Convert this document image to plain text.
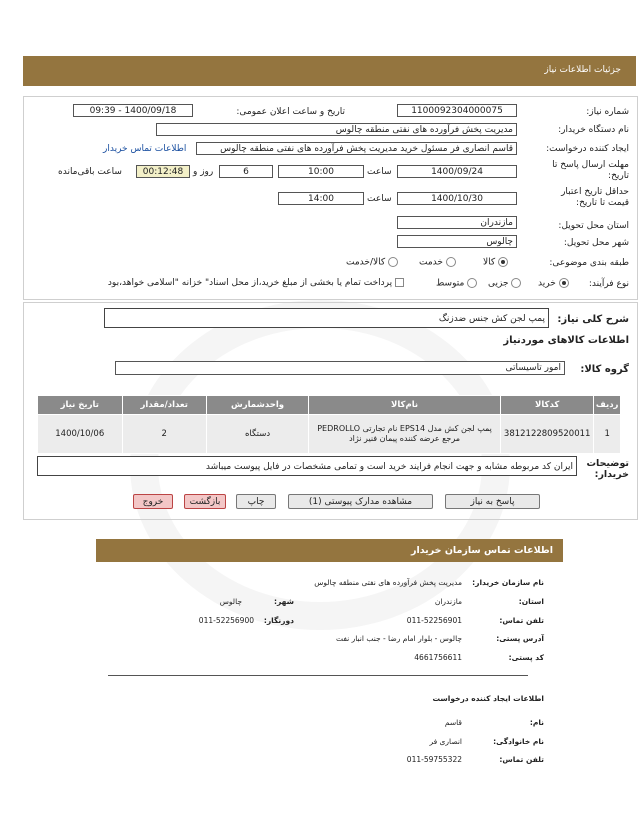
جزئیات اطلاعات نیاز
شماره نیاز:
1100092304000075
تاریخ و ساعت اعلان عمومی:
1400/09/18 - 09:39
نام دستگاه خریدار:
مدیریت پخش فرآورده های نفتی منطقه چالوس
ایجاد کننده درخواست:
قاسم انصاری فر مسئول خرید مدیریت پخش فرآورده های نفتی منطقه چالوس
اطلاعات تماس خریدار
مهلت ارسال پاسخ تا تاریخ:
1400/09/24
ساعت
10:00
6
روز و
00:12:48
ساعت باقی‌مانده
حداقل تاریخ اعتبار قیمت تا تاریخ:
1400/10/30
ساعت
14:00
استان محل تحویل:
مازندران
شهر محل تحویل:
چالوس
طبقه بندی موضوعی:
کالا
خدمت
کالا/خدمت
نوع فرآیند:
خرید
جزیی
متوسط
پرداخت تمام یا بخشی از مبلغ خرید،از محل اسناد" خزانه "اسلامی خواهد،بود
شرح کلی نیاز:
پمپ لجن کش جنس ضدزنگ
اطلاعات کالاهای موردنیاز
گروه کالا:
امور تاسیساتی
ردیف	کدکالا	نام‌کالا	واحدشمارش	تعداد/مقدار	تاریخ نیاز
1	3812122809520011	پمپ لجن کش مدل EPS14 نام تجارتی PEDROLLO مرجع عرضه کننده پیمان فنیر نژاد	دستگاه	2	1400/10/06
توضیحات خریدار:
ایران کد مربوطه مشابه و جهت انجام فرایند خرید است و تمامی مشخصات در فایل پیوست میباشد
پاسخ به نیاز
مشاهده مدارک پیوستی (1)
چاپ
بازگشت
خروج
اطلاعات تماس سازمان خریدار
نام سازمان خریدار:
مدیریت پخش فرآورده های نفتی منطقه چالوس
استان:
مازندران
شهر:
چالوس
تلفن تماس:
011-52256901
دورنگار:
011-52256900
آدرس پستی:
چالوس - بلوار امام رضا - جنب انبار نفت
کد پستی:
4661756611
اطلاعات ایجاد کننده درخواست
نام:
قاسم
نام خانوادگی:
انصاری فر
تلفن تماس:
011-59755322
